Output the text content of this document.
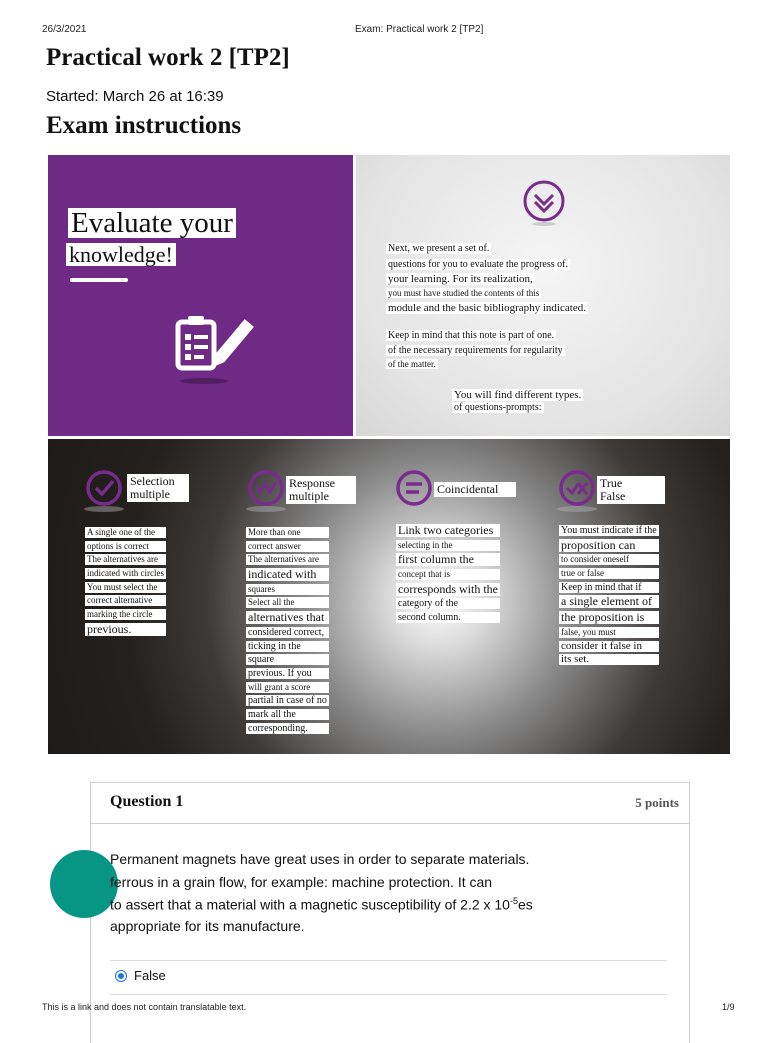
26/3/2021	Exam: Practical work 2 [TP2]
Practical work 2 [TP2]
Started: March 26 at 16:39
Exam instructions
Evaluate your
knowledge!	Next, we present a set of.
questions for you to evaluate the progress of.
your learning. For its realization,
you must have studied the contents of this
module and the basic bibliography indicated.
Keep in mind that this note is part of one.
of the necessary requirements for regularity
of the matter.
You will find different types.
of questions-prompts:
Selection
multiple
A single one of the
options is correct
The alternatives are
indicated with circles
You must select the
correct alternative
marking the circle
previous.
Response
multiple
More than one
correct answer
The alternatives are
indicated with
squares
Select all the
alternatives that
considered correct,
ticking in the
square
previous. If you
will grant a score
partial in case of no
mark all the
corresponding.
Coincidental
Link two categories
selecting in the
first column the
concept that is
corresponds with the
category of the
second column.
True
False
You must indicate if the
proposition can
to consider oneself
true or false
Keep in mind that if
a single element of
the proposition is
false, you must
consider it false in
its set.
Question 1	5 points
Permanent magnets have great uses in order to separate materials.
ferrous in a grain flow, for example: machine protection. It can
to assert that a material with a magnetic susceptibility of 2.2 x $10^{-5}es$
appropriate for its manufacture.
False
This is a link and does not contain translatable text.	1/9
